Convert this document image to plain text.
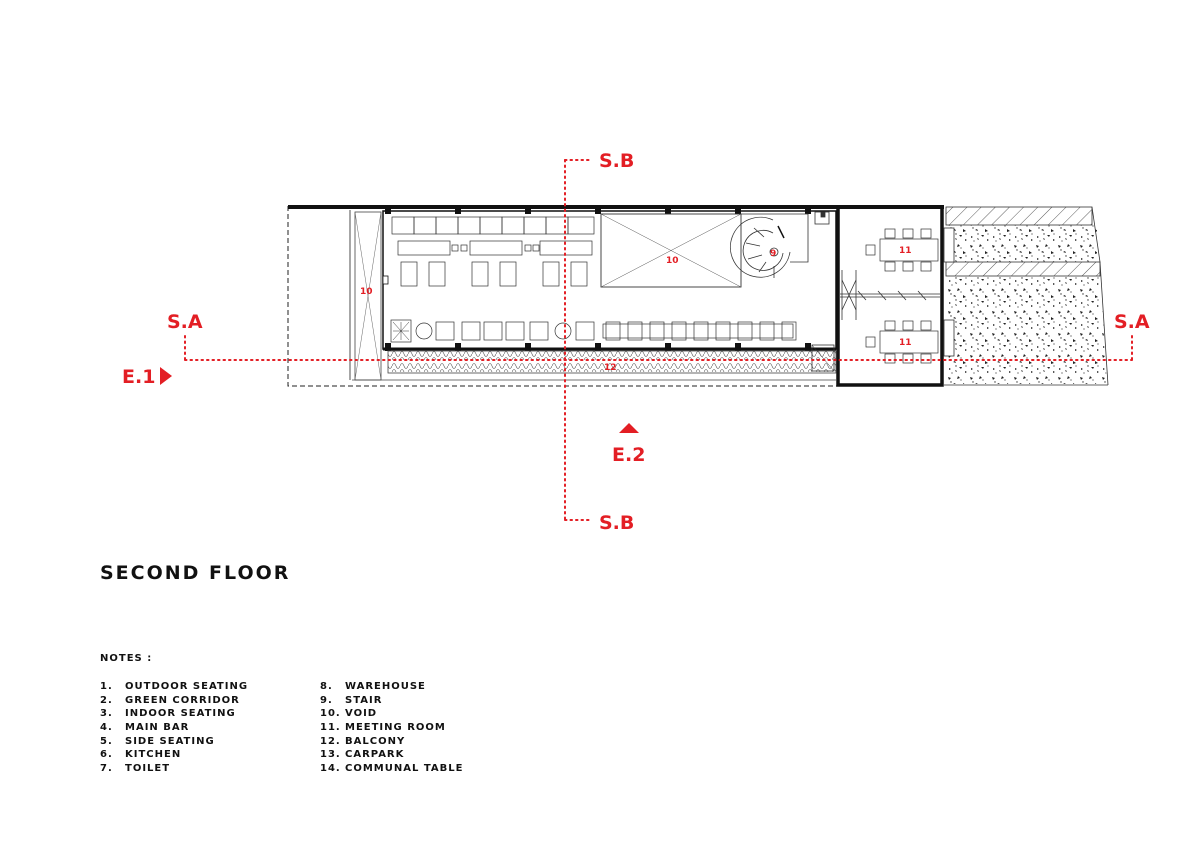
S.B
S.B
S.A	S.A
E.1
E.2
10
10
9	11
11
12
SECOND FLOOR
NOTES :
1. OUTDOOR SEATING
2. GREEN CORRIDOR
3. INDOOR SEATING
4. MAIN BAR
5. SIDE SEATING
6. KITCHEN
7. TOILET
8. WAREHOUSE
9. STAIR
10. VOID
11. MEETING ROOM
12. BALCONY
13. CARPARK
14. COMMUNAL TABLE
